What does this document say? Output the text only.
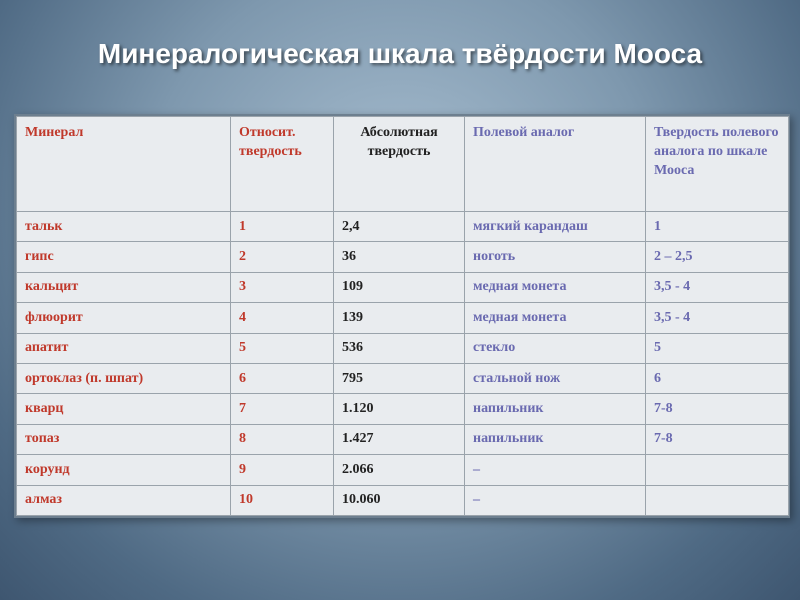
Минералогическая шкала твёрдости Мооса
Минерал	Относит. твердость	Абсолютная твердость	Полевой аналог	Твердость полевого аналога по шкале Мооса
тальк	1	2,4	мягкий карандаш	1
гипс	2	36	ноготь	2 – 2,5
кальцит	3	109	медная монета	3,5 - 4
флюорит	4	139	медная монета	3,5 - 4
апатит	5	536	стекло	5
ортоклаз (п. шпат)	6	795	стальной нож	6
кварц	7	1.120	напильник	7-8
топаз	8	1.427	напильник	7-8
корунд	9	2.066	–	
алмаз	10	10.060	–	
